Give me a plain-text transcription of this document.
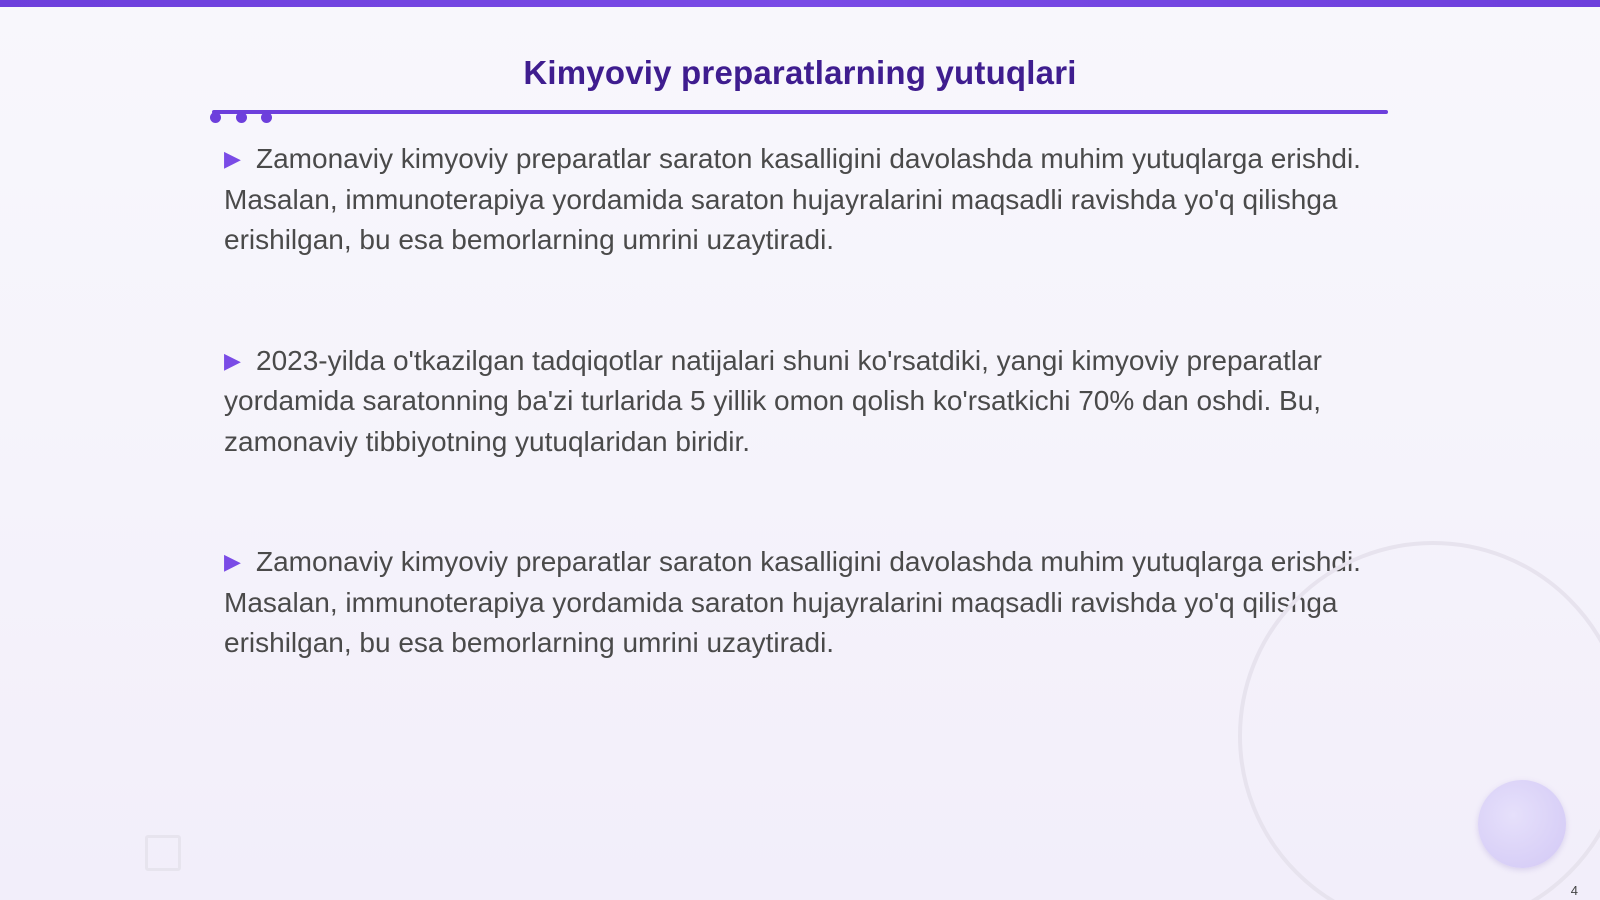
Kimyoviy preparatlarning yutuqlari

▶ Zamonaviy kimyoviy preparatlar saraton kasalligini davolashda muhim yutuqlarga erishdi. Masalan, immunoterapiya yordamida saraton hujayralarini maqsadli ravishda yo'q qilishga erishilgan, bu esa bemorlarning umrini uzaytiradi.

▶ 2023-yilda o'tkazilgan tadqiqotlar natijalari shuni ko'rsatdiki, yangi kimyoviy preparatlar yordamida saratonning ba'zi turlarida 5 yillik omon qolish ko'rsatkichi 70% dan oshdi. Bu, zamonaviy tibbiyotning yutuqlaridan biridir.

▶ Zamonaviy kimyoviy preparatlar saraton kasalligini davolashda muhim yutuqlarga erishdi. Masalan, immunoterapiya yordamida saraton hujayralarini maqsadli ravishda yo'q qilishga erishilgan, bu esa bemorlarning umrini uzaytiradi.

4
